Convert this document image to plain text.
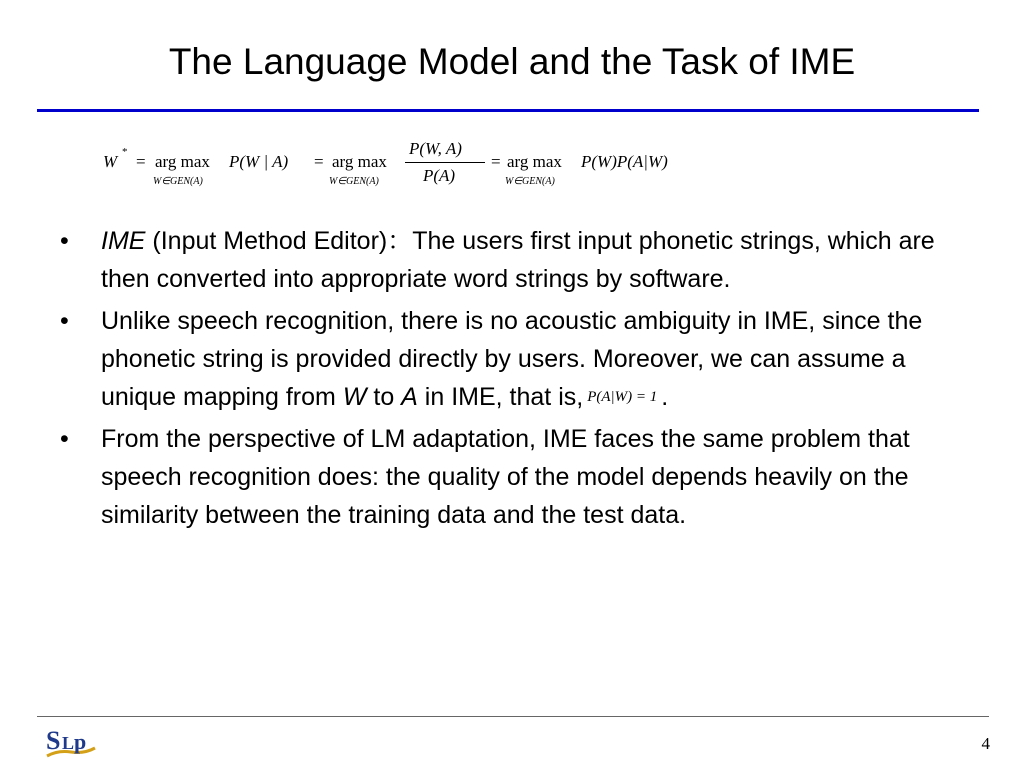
The Language Model and the Task of IME
W * = arg max
W∈GEN(A)
P(W | A) = arg max
W∈GEN(A)
P(W, A)
P(A)
= arg max
W∈GEN(A)
P(W)P(A|W)
• IME (Input Method Editor)：The users first input phonetic strings, which are then converted into appropriate word strings by software.
• Unlike speech recognition, there is no acoustic ambiguity in IME, since the phonetic string is provided directly by users. Moreover, we can assume a unique mapping from W to A in IME, that is, P(A|W) = 1 .
• From the perspective of LM adaptation, IME faces the same problem that speech recognition does: the quality of the model depends heavily on the similarity between the training data and the test data.
S L p	4
